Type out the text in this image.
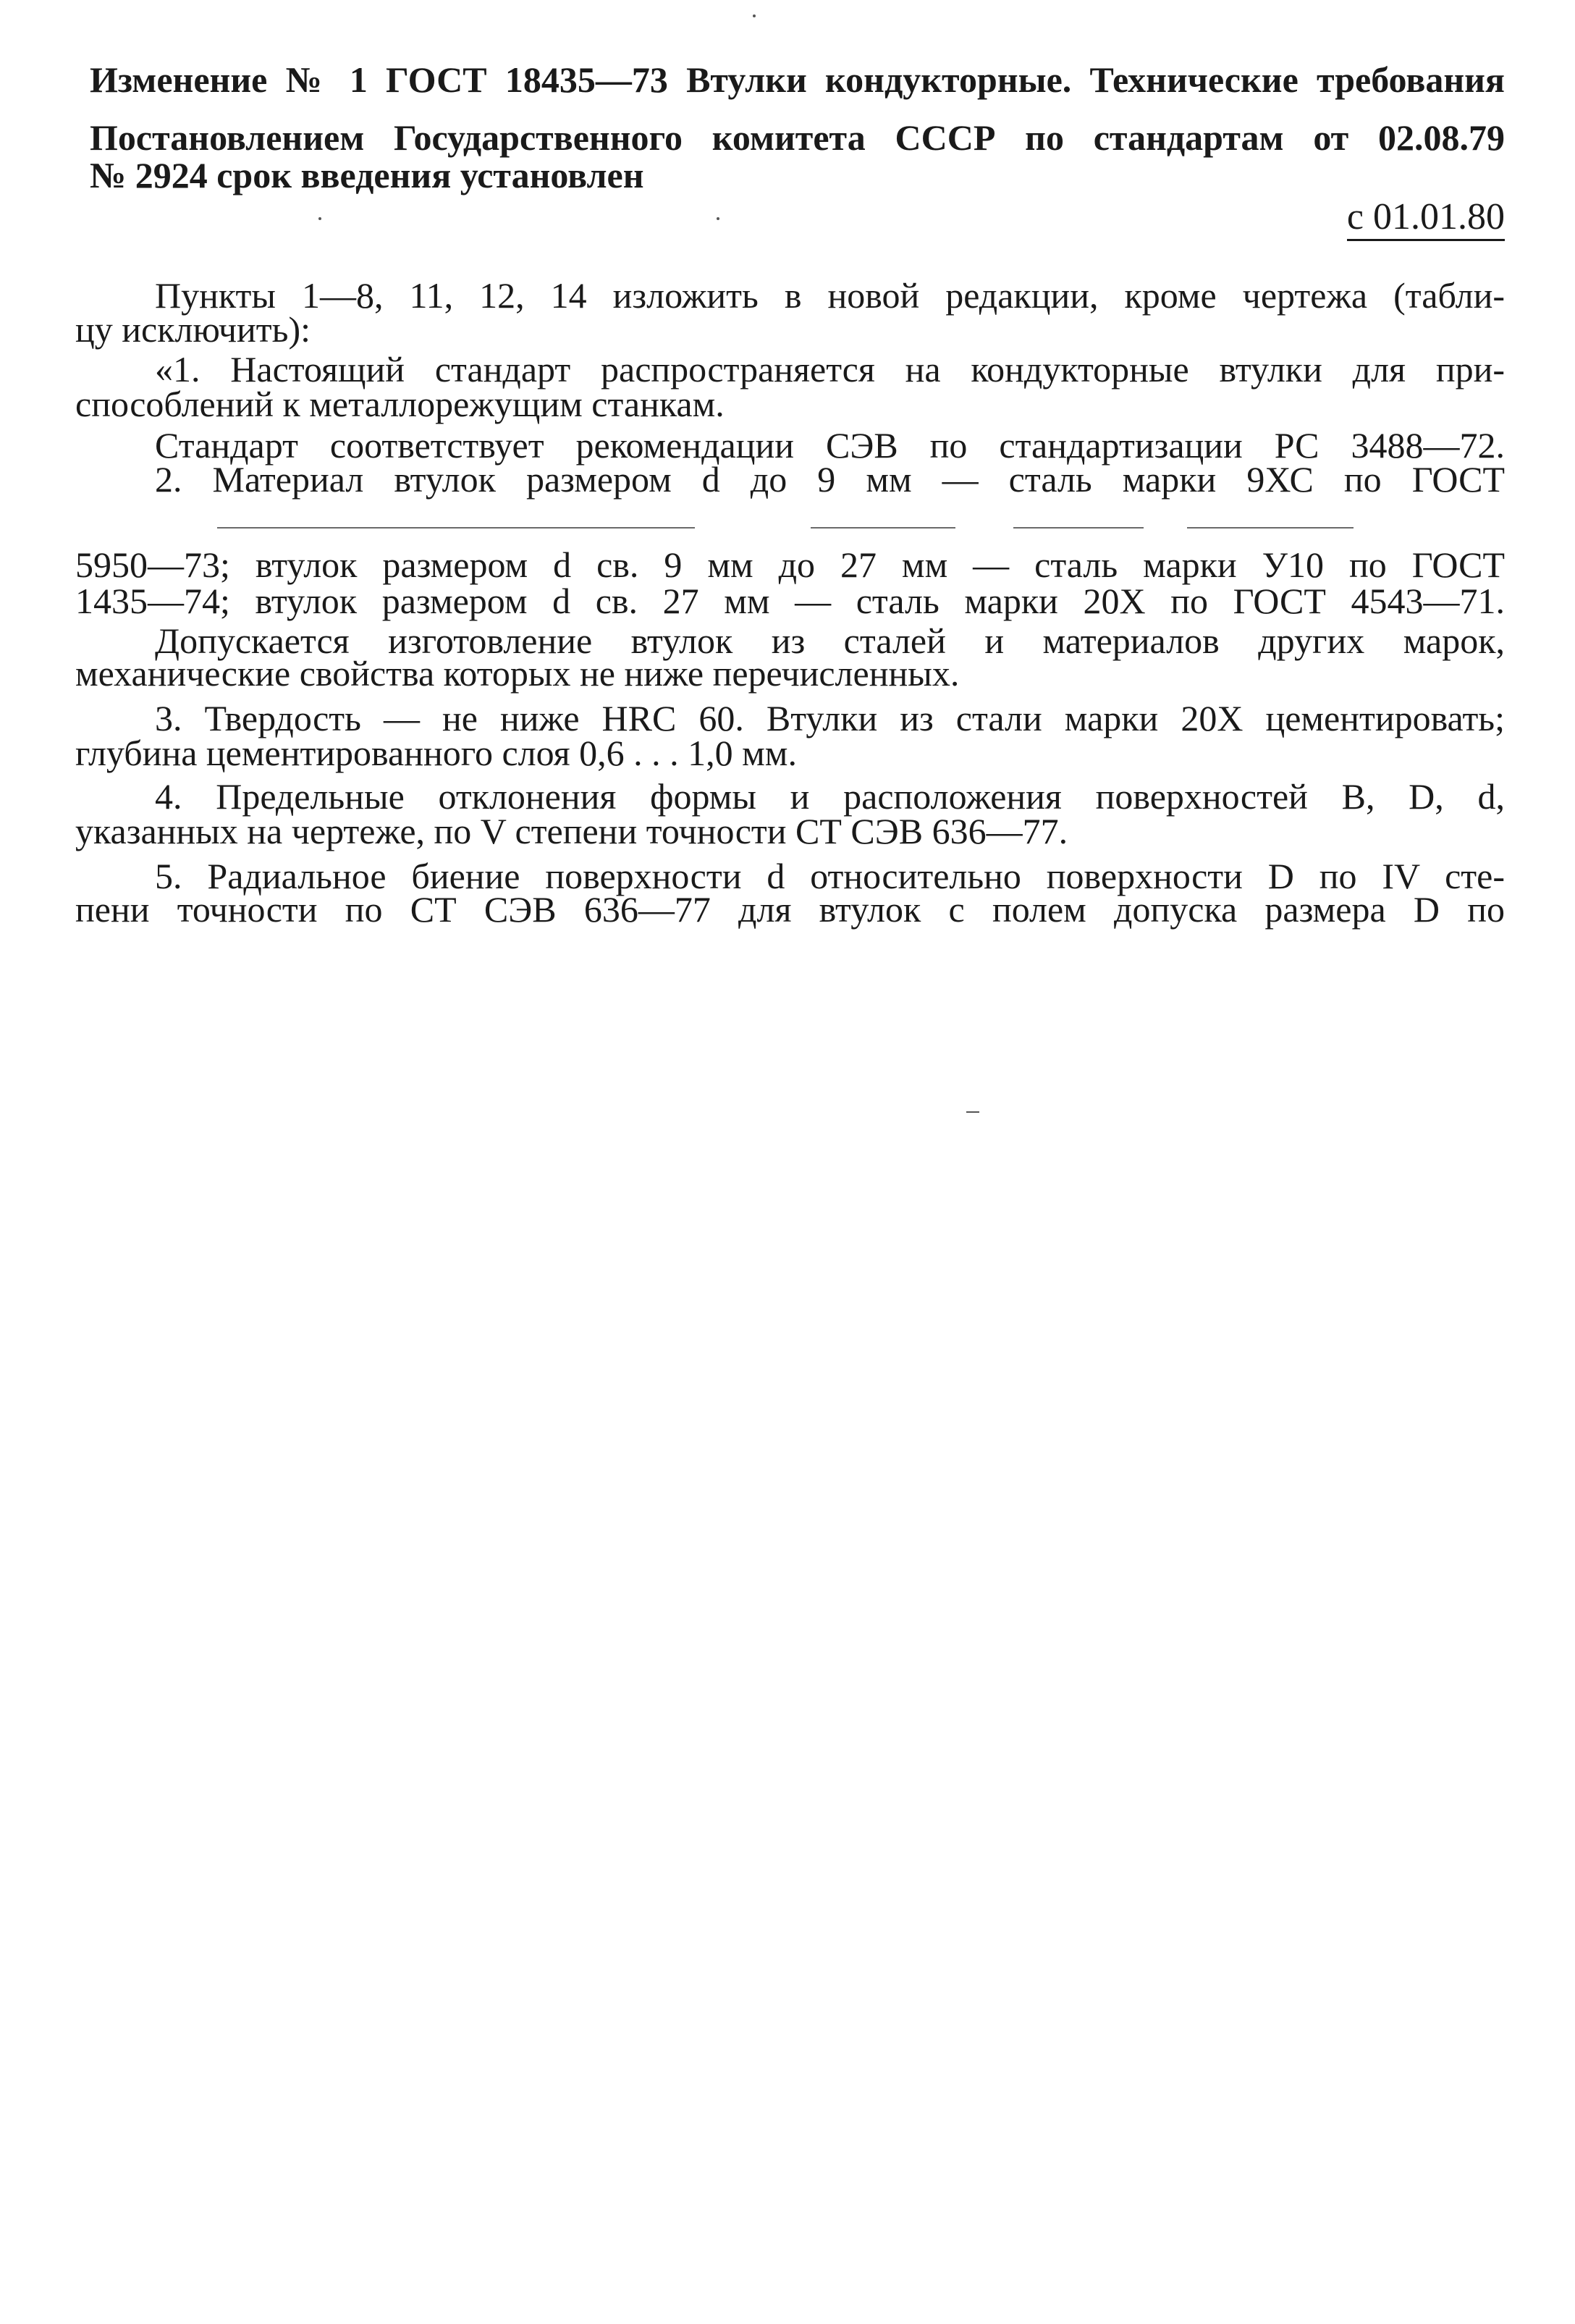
Изменение № 1 ГОСТ 18435—73 Втулки кондукторные. Технические требования
Постановлением Государственного комитета СССР по стандартам от 02.08.79
№ 2924 срок введения установлен
с 01.01.80
Пункты 1—8, 11, 12, 14 изложить в новой редакции, кроме чертежа (табли-
цу исключить):
«1. Настоящий стандарт распространяется на кондукторные втулки для при-
способлений к металлорежущим станкам.
Стандарт соответствует рекомендации СЭВ по стандартизации РС 3488—72.
2. Материал втулок размером d до 9 мм — сталь марки 9ХС по ГОСТ
5950—73; втулок размером d св. 9 мм до 27 мм — сталь марки У10 по ГОСТ
1435—74; втулок размером d св. 27 мм — сталь марки 20Х по ГОСТ 4543—71.
Допускается изготовление втулок из сталей и материалов других марок,
механические свойства которых не ниже перечисленных.
3. Твердость — не ниже HRC 60. Втулки из стали марки 20Х цементировать;
глубина цементированного слоя 0,6 . . . 1,0 мм.
4. Предельные отклонения формы и расположения поверхностей B, D, d,
указанных на чертеже, по V степени точности СТ СЭВ 636—77.
5. Радиальное биение поверхности d относительно поверхности D по IV сте-
пени точности по СТ СЭВ 636—77 для втулок с полем допуска размера D по
